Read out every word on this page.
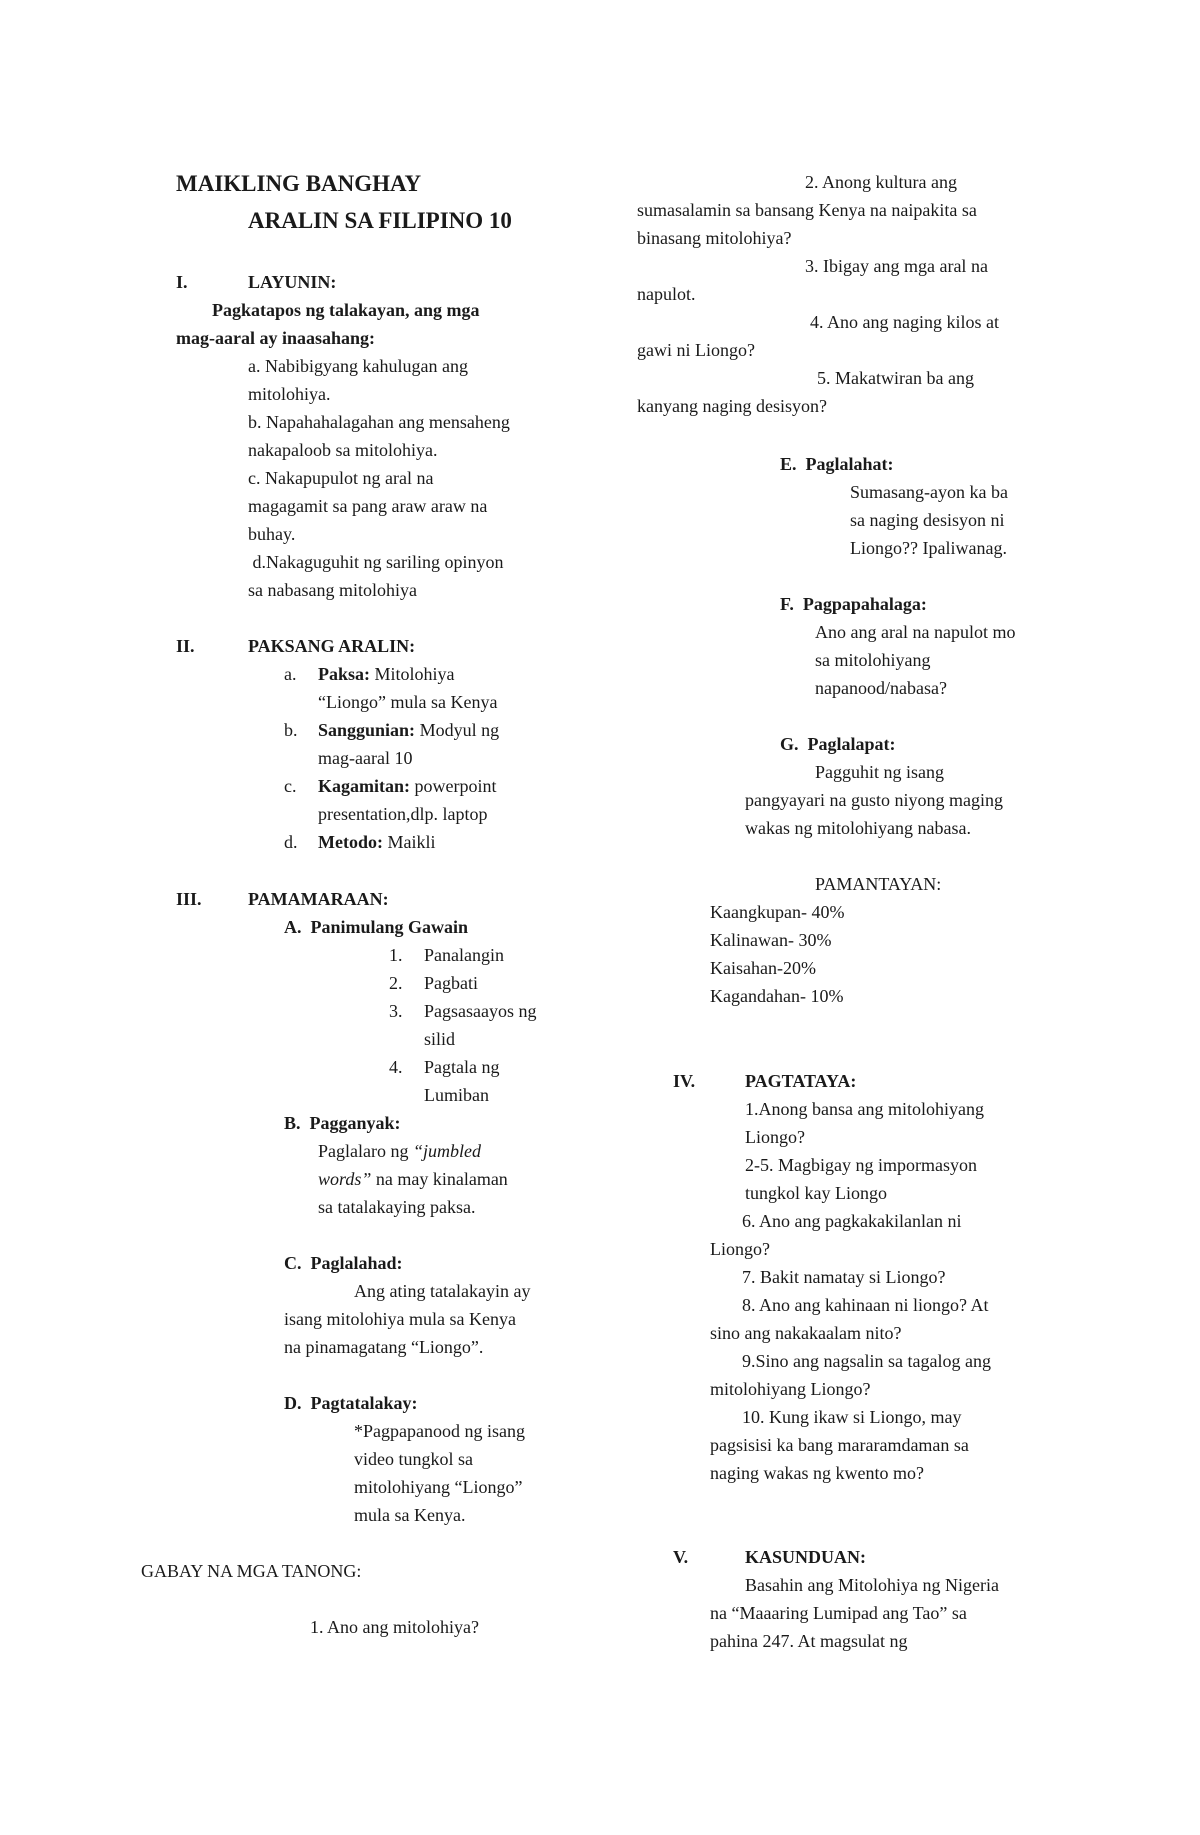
MAIKLING BANGHAY
ARALIN SA FILIPINO 10
I.	LAYUNIN:
Pagkatapos ng talakayan, ang mga
mag-aaral ay inaasahang:
a. Nabibigyang kahulugan ang
mitolohiya.
b. Napahahalagahan ang mensaheng
nakapaloob sa mitolohiya.
c. Nakapupulot ng aral na
magagamit sa pang araw araw na
buhay.
d.Nakaguguhit ng sariling opinyon
sa nabasang mitolohiya
II.	PAKSANG ARALIN:
a. Paksa: Mitolohiya
“Liongo” mula sa Kenya
b. Sanggunian: Modyul ng
mag-aaral 10
c. Kagamitan: powerpoint
presentation,dlp. laptop
d. Metodo: Maikli
III.	PAMAMARAAN:
A.  Panimulang Gawain
1. Panalangin
2. Pagbati
3. Pagsasaayos ng
silid
4. Pagtala ng
Lumiban
B.  Pagganyak:
Paglalaro ng “jumbled
words” na may kinalaman
sa tatalakaying paksa.
C.  Paglalahad:
Ang ating tatalakayin ay
isang mitolohiya mula sa Kenya
na pinamagatang “Liongo”.
D.  Pagtatalakay:
*Pagpapanood ng isang
video tungkol sa
mitolohiyang “Liongo”
mula sa Kenya.
GABAY NA MGA TANONG:
1. Ano ang mitolohiya?
2. Anong kultura ang
sumasalamin sa bansang Kenya na naipakita sa
binasang mitolohiya?
3. Ibigay ang mga aral na
napulot.
4. Ano ang naging kilos at
gawi ni Liongo?
5. Makatwiran ba ang
kanyang naging desisyon?
E.  Paglalahat:
Sumasang-ayon ka ba
sa naging desisyon ni
Liongo?? Ipaliwanag.
F.  Pagpapahalaga:
Ano ang aral na napulot mo
sa mitolohiyang
napanood/nabasa?
G.  Paglalapat:
Pagguhit ng isang
pangyayari na gusto niyong maging
wakas ng mitolohiyang nabasa.
PAMANTAYAN:
Kaangkupan- 40%
Kalinawan- 30%
Kaisahan-20%
Kagandahan- 10%
IV.	PAGTATAYA:
1.Anong bansa ang mitolohiyang
Liongo?
2-5. Magbigay ng impormasyon
tungkol kay Liongo
6. Ano ang pagkakakilanlan ni
Liongo?
7. Bakit namatay si Liongo?
8. Ano ang kahinaan ni liongo? At
sino ang nakakaalam nito?
9.Sino ang nagsalin sa tagalog ang
mitolohiyang Liongo?
10. Kung ikaw si Liongo, may
pagsisisi ka bang mararamdaman sa
naging wakas ng kwento mo?
V.	KASUNDUAN:
Basahin ang Mitolohiya ng Nigeria
na “Maaaring Lumipad ang Tao” sa
pahina 247. At magsulat ng
